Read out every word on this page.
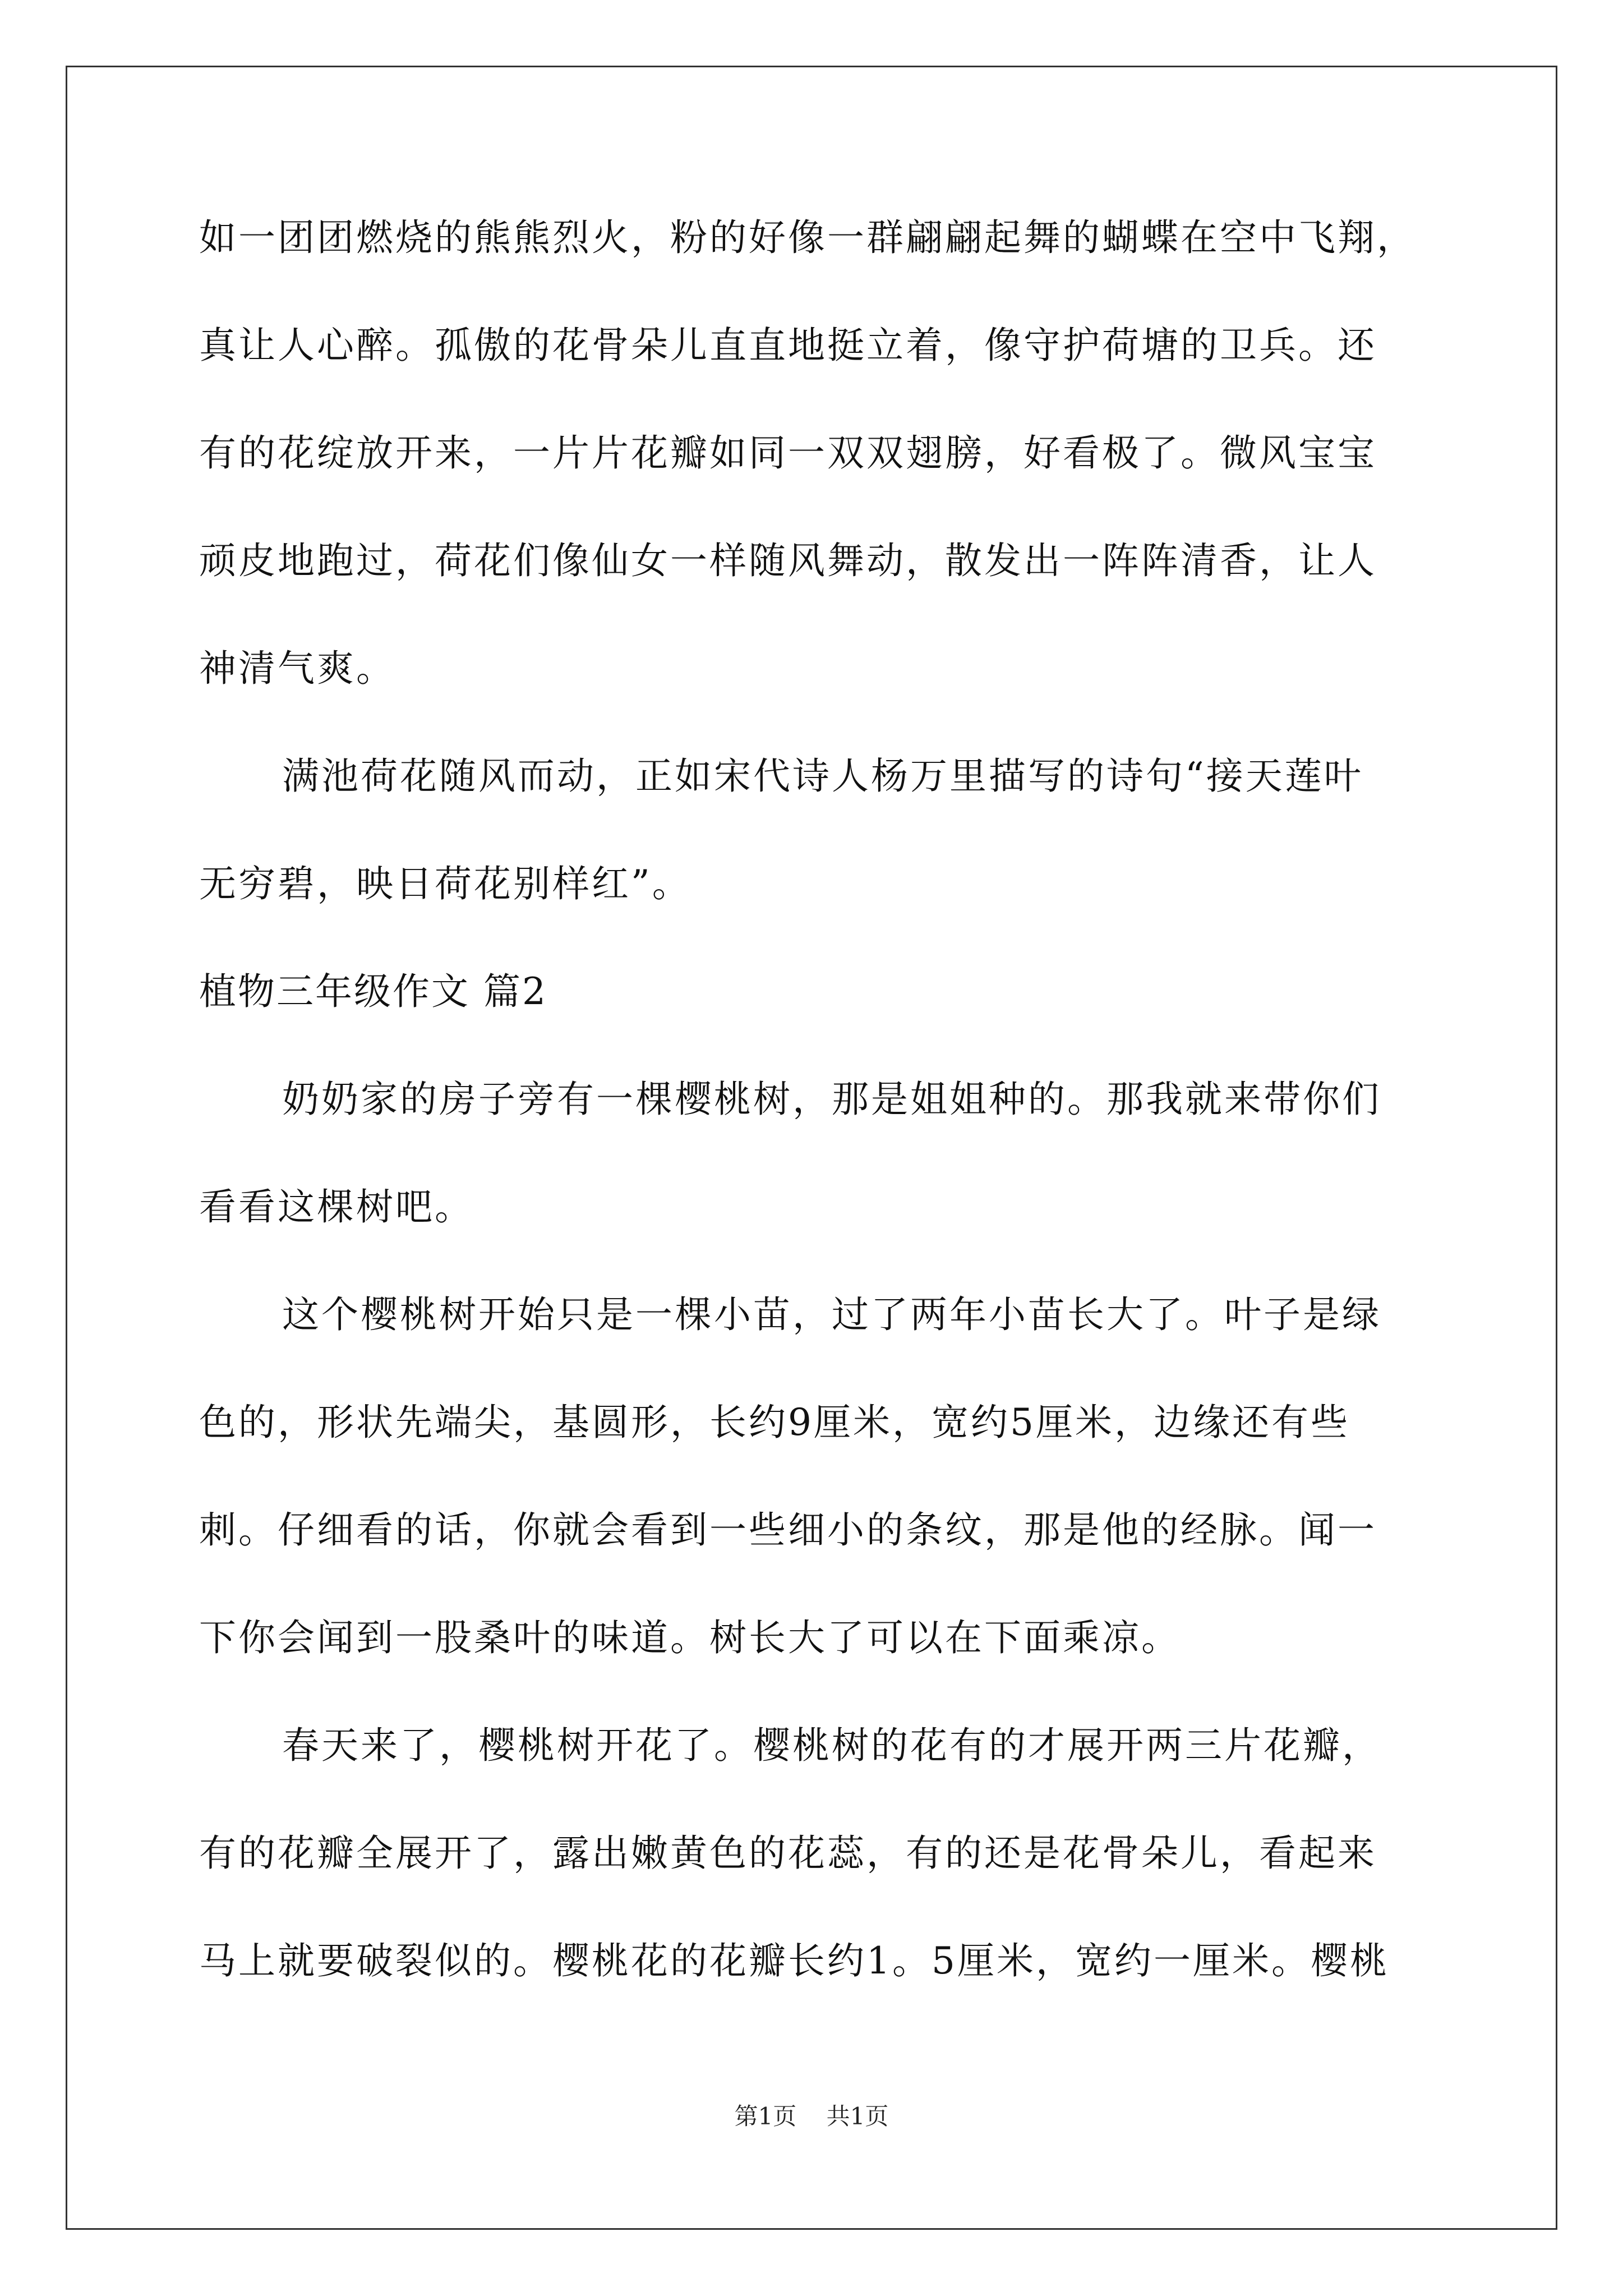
如一团团燃烧的熊熊烈火，粉的好像一群翩翩起舞的蝴蝶在空中飞翔，
真让人心醉。孤傲的花骨朵儿直直地挺立着，像守护荷塘的卫兵。还
有的花绽放开来，一片片花瓣如同一双双翅膀，好看极了。微风宝宝
顽皮地跑过，荷花们像仙女一样随风舞动，散发出一阵阵清香，让人
神清气爽。
满池荷花随风而动，正如宋代诗人杨万里描写的诗句“接天莲叶
无穷碧，映日荷花别样红”。
植物三年级作文 篇2
奶奶家的房子旁有一棵樱桃树，那是姐姐种的。那我就来带你们
看看这棵树吧。
这个樱桃树开始只是一棵小苗，过了两年小苗长大了。叶子是绿
色的，形状先端尖，基圆形，长约9厘米，宽约5厘米，边缘还有些
刺。仔细看的话，你就会看到一些细小的条纹，那是他的经脉。闻一
下你会闻到一股桑叶的味道。树长大了可以在下面乘凉。
春天来了，樱桃树开花了。樱桃树的花有的才展开两三片花瓣，
有的花瓣全展开了，露出嫩黄色的花蕊，有的还是花骨朵儿，看起来
马上就要破裂似的。樱桃花的花瓣长约1。5厘米，宽约一厘米。樱桃
第1页 共1页
